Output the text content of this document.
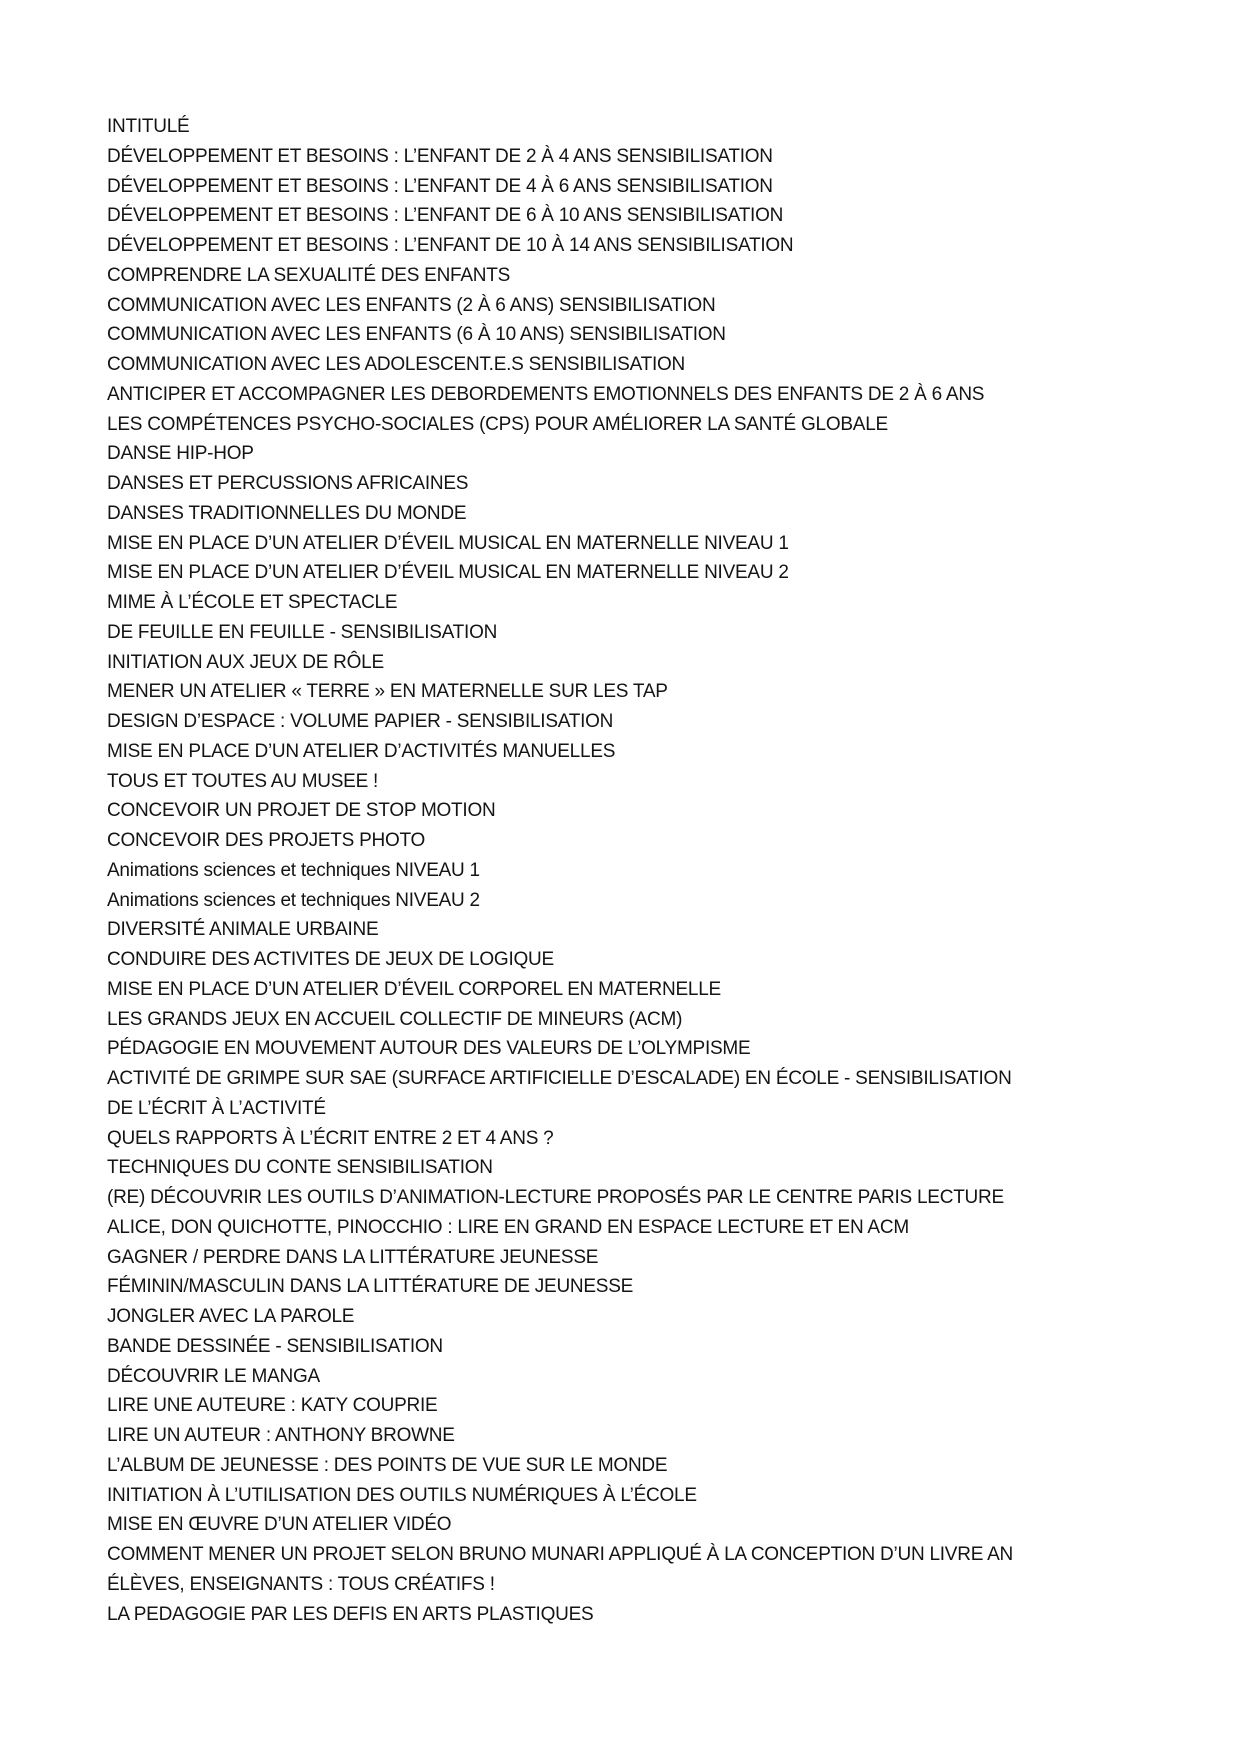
INTITULÉ
DÉVELOPPEMENT ET BESOINS : L’ENFANT DE 2 À 4 ANS SENSIBILISATION
DÉVELOPPEMENT ET BESOINS : L’ENFANT DE 4 À 6 ANS SENSIBILISATION
DÉVELOPPEMENT ET BESOINS : L’ENFANT DE 6 À 10 ANS SENSIBILISATION
DÉVELOPPEMENT ET BESOINS : L’ENFANT DE 10 À 14 ANS SENSIBILISATION
COMPRENDRE LA SEXUALITÉ DES ENFANTS
COMMUNICATION AVEC LES ENFANTS (2 À 6 ANS) SENSIBILISATION
COMMUNICATION AVEC LES ENFANTS (6 À 10 ANS) SENSIBILISATION
COMMUNICATION AVEC LES ADOLESCENT.E.S SENSIBILISATION
ANTICIPER ET ACCOMPAGNER LES DEBORDEMENTS EMOTIONNELS DES ENFANTS DE 2 À 6 ANS
LES COMPÉTENCES PSYCHO-SOCIALES (CPS) POUR AMÉLIORER LA SANTÉ GLOBALE
DANSE HIP-HOP
DANSES ET PERCUSSIONS AFRICAINES
DANSES TRADITIONNELLES DU MONDE
MISE EN PLACE D’UN ATELIER D’ÉVEIL MUSICAL EN MATERNELLE NIVEAU 1
MISE EN PLACE D’UN ATELIER D’ÉVEIL MUSICAL EN MATERNELLE NIVEAU 2
MIME À L’ÉCOLE ET SPECTACLE
DE FEUILLE EN FEUILLE - SENSIBILISATION
INITIATION AUX JEUX DE RÔLE
MENER UN ATELIER « TERRE » EN MATERNELLE SUR LES TAP
DESIGN D’ESPACE : VOLUME PAPIER - SENSIBILISATION
MISE EN PLACE D’UN ATELIER D’ACTIVITÉS MANUELLES
TOUS ET TOUTES AU MUSEE !
CONCEVOIR UN PROJET DE STOP MOTION
CONCEVOIR DES PROJETS PHOTO
Animations sciences et techniques NIVEAU 1
Animations sciences et techniques NIVEAU 2
DIVERSITÉ ANIMALE URBAINE
CONDUIRE DES ACTIVITES DE JEUX DE LOGIQUE
MISE EN PLACE D’UN ATELIER D’ÉVEIL CORPOREL EN MATERNELLE
LES GRANDS JEUX EN ACCUEIL COLLECTIF DE MINEURS (ACM)
PÉDAGOGIE EN MOUVEMENT AUTOUR DES VALEURS DE L’OLYMPISME
ACTIVITÉ DE GRIMPE SUR SAE (SURFACE ARTIFICIELLE D’ESCALADE) EN ÉCOLE - SENSIBILISATION
DE L’ÉCRIT À L’ACTIVITÉ
QUELS RAPPORTS À L’ÉCRIT ENTRE 2 ET 4 ANS ?
TECHNIQUES DU CONTE SENSIBILISATION
(RE) DÉCOUVRIR LES OUTILS D’ANIMATION-LECTURE PROPOSÉS PAR LE CENTRE PARIS LECTURE
ALICE, DON QUICHOTTE, PINOCCHIO : LIRE EN GRAND EN ESPACE LECTURE ET EN ACM
GAGNER / PERDRE DANS LA LITTÉRATURE JEUNESSE
FÉMININ/MASCULIN DANS LA LITTÉRATURE DE JEUNESSE
JONGLER AVEC LA PAROLE
BANDE DESSINÉE - SENSIBILISATION
DÉCOUVRIR LE MANGA
LIRE UNE AUTEURE : KATY COUPRIE
LIRE UN AUTEUR : ANTHONY BROWNE
L’ALBUM DE JEUNESSE : DES POINTS DE VUE SUR LE MONDE
INITIATION À L’UTILISATION DES OUTILS NUMÉRIQUES À L’ÉCOLE
MISE EN ŒUVRE D’UN ATELIER VIDÉO
COMMENT MENER UN PROJET SELON BRUNO MUNARI APPLIQUÉ À LA CONCEPTION D’UN LIVRE AN
ÉLÈVES, ENSEIGNANTS : TOUS CRÉATIFS !
LA PEDAGOGIE PAR LES DEFIS EN ARTS PLASTIQUES
